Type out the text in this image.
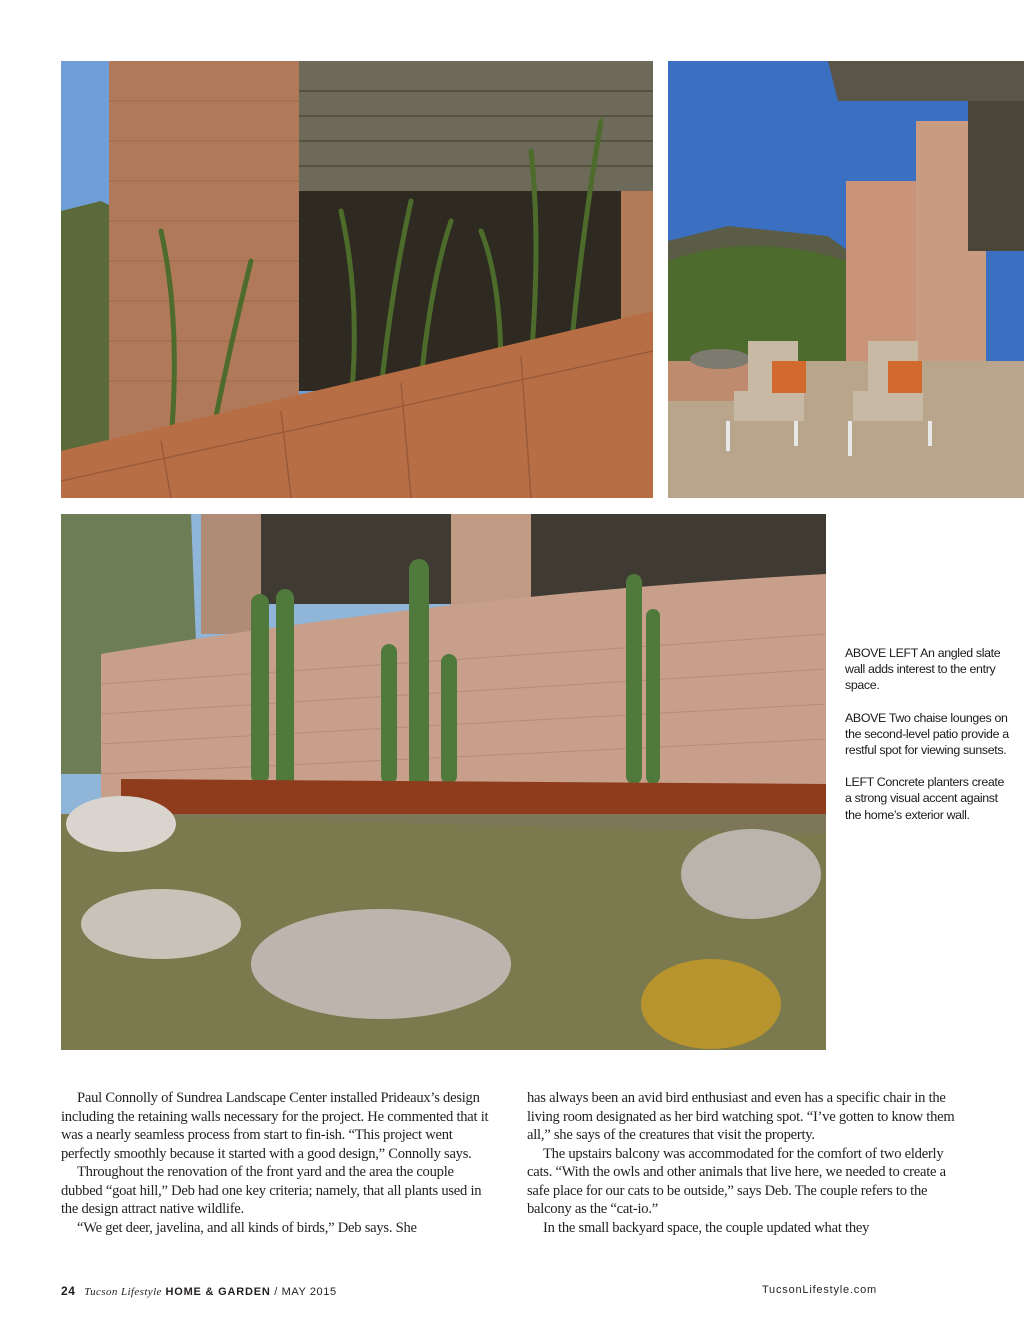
ABOVE LEFT An angled slate wall adds interest to the entry space.

ABOVE Two chaise lounges on the second-level patio provide a restful spot for viewing sunsets.

LEFT Concrete planters create a strong visual accent against the home’s exterior wall.

Paul Connolly of Sundrea Landscape Center installed Prideaux’s design including the retaining walls necessary for the project. He commented that it was a nearly seamless process from start to fin-ish. “This project went perfectly smoothly because it started with a good design,” Connolly says.

Throughout the renovation of the front yard and the area the couple dubbed “goat hill,” Deb had one key criteria; namely, that all plants used in the design attract native wildlife.

“We get deer, javelina, and all kinds of birds,” Deb says. She

has always been an avid bird enthusiast and even has a specific chair in the living room designated as her bird watching spot. “I’ve gotten to know them all,” she says of the creatures that visit the property.

The upstairs balcony was accommodated for the comfort of two elderly cats. “With the owls and other animals that live here, we needed to create a safe place for our cats to be outside,” says Deb. The couple refers to the balcony as the “cat-io.”

In the small backyard space, the couple updated what they

24 Tucson Lifestyle HOME & GARDEN / MAY 2015	TucsonLifestyle.com
